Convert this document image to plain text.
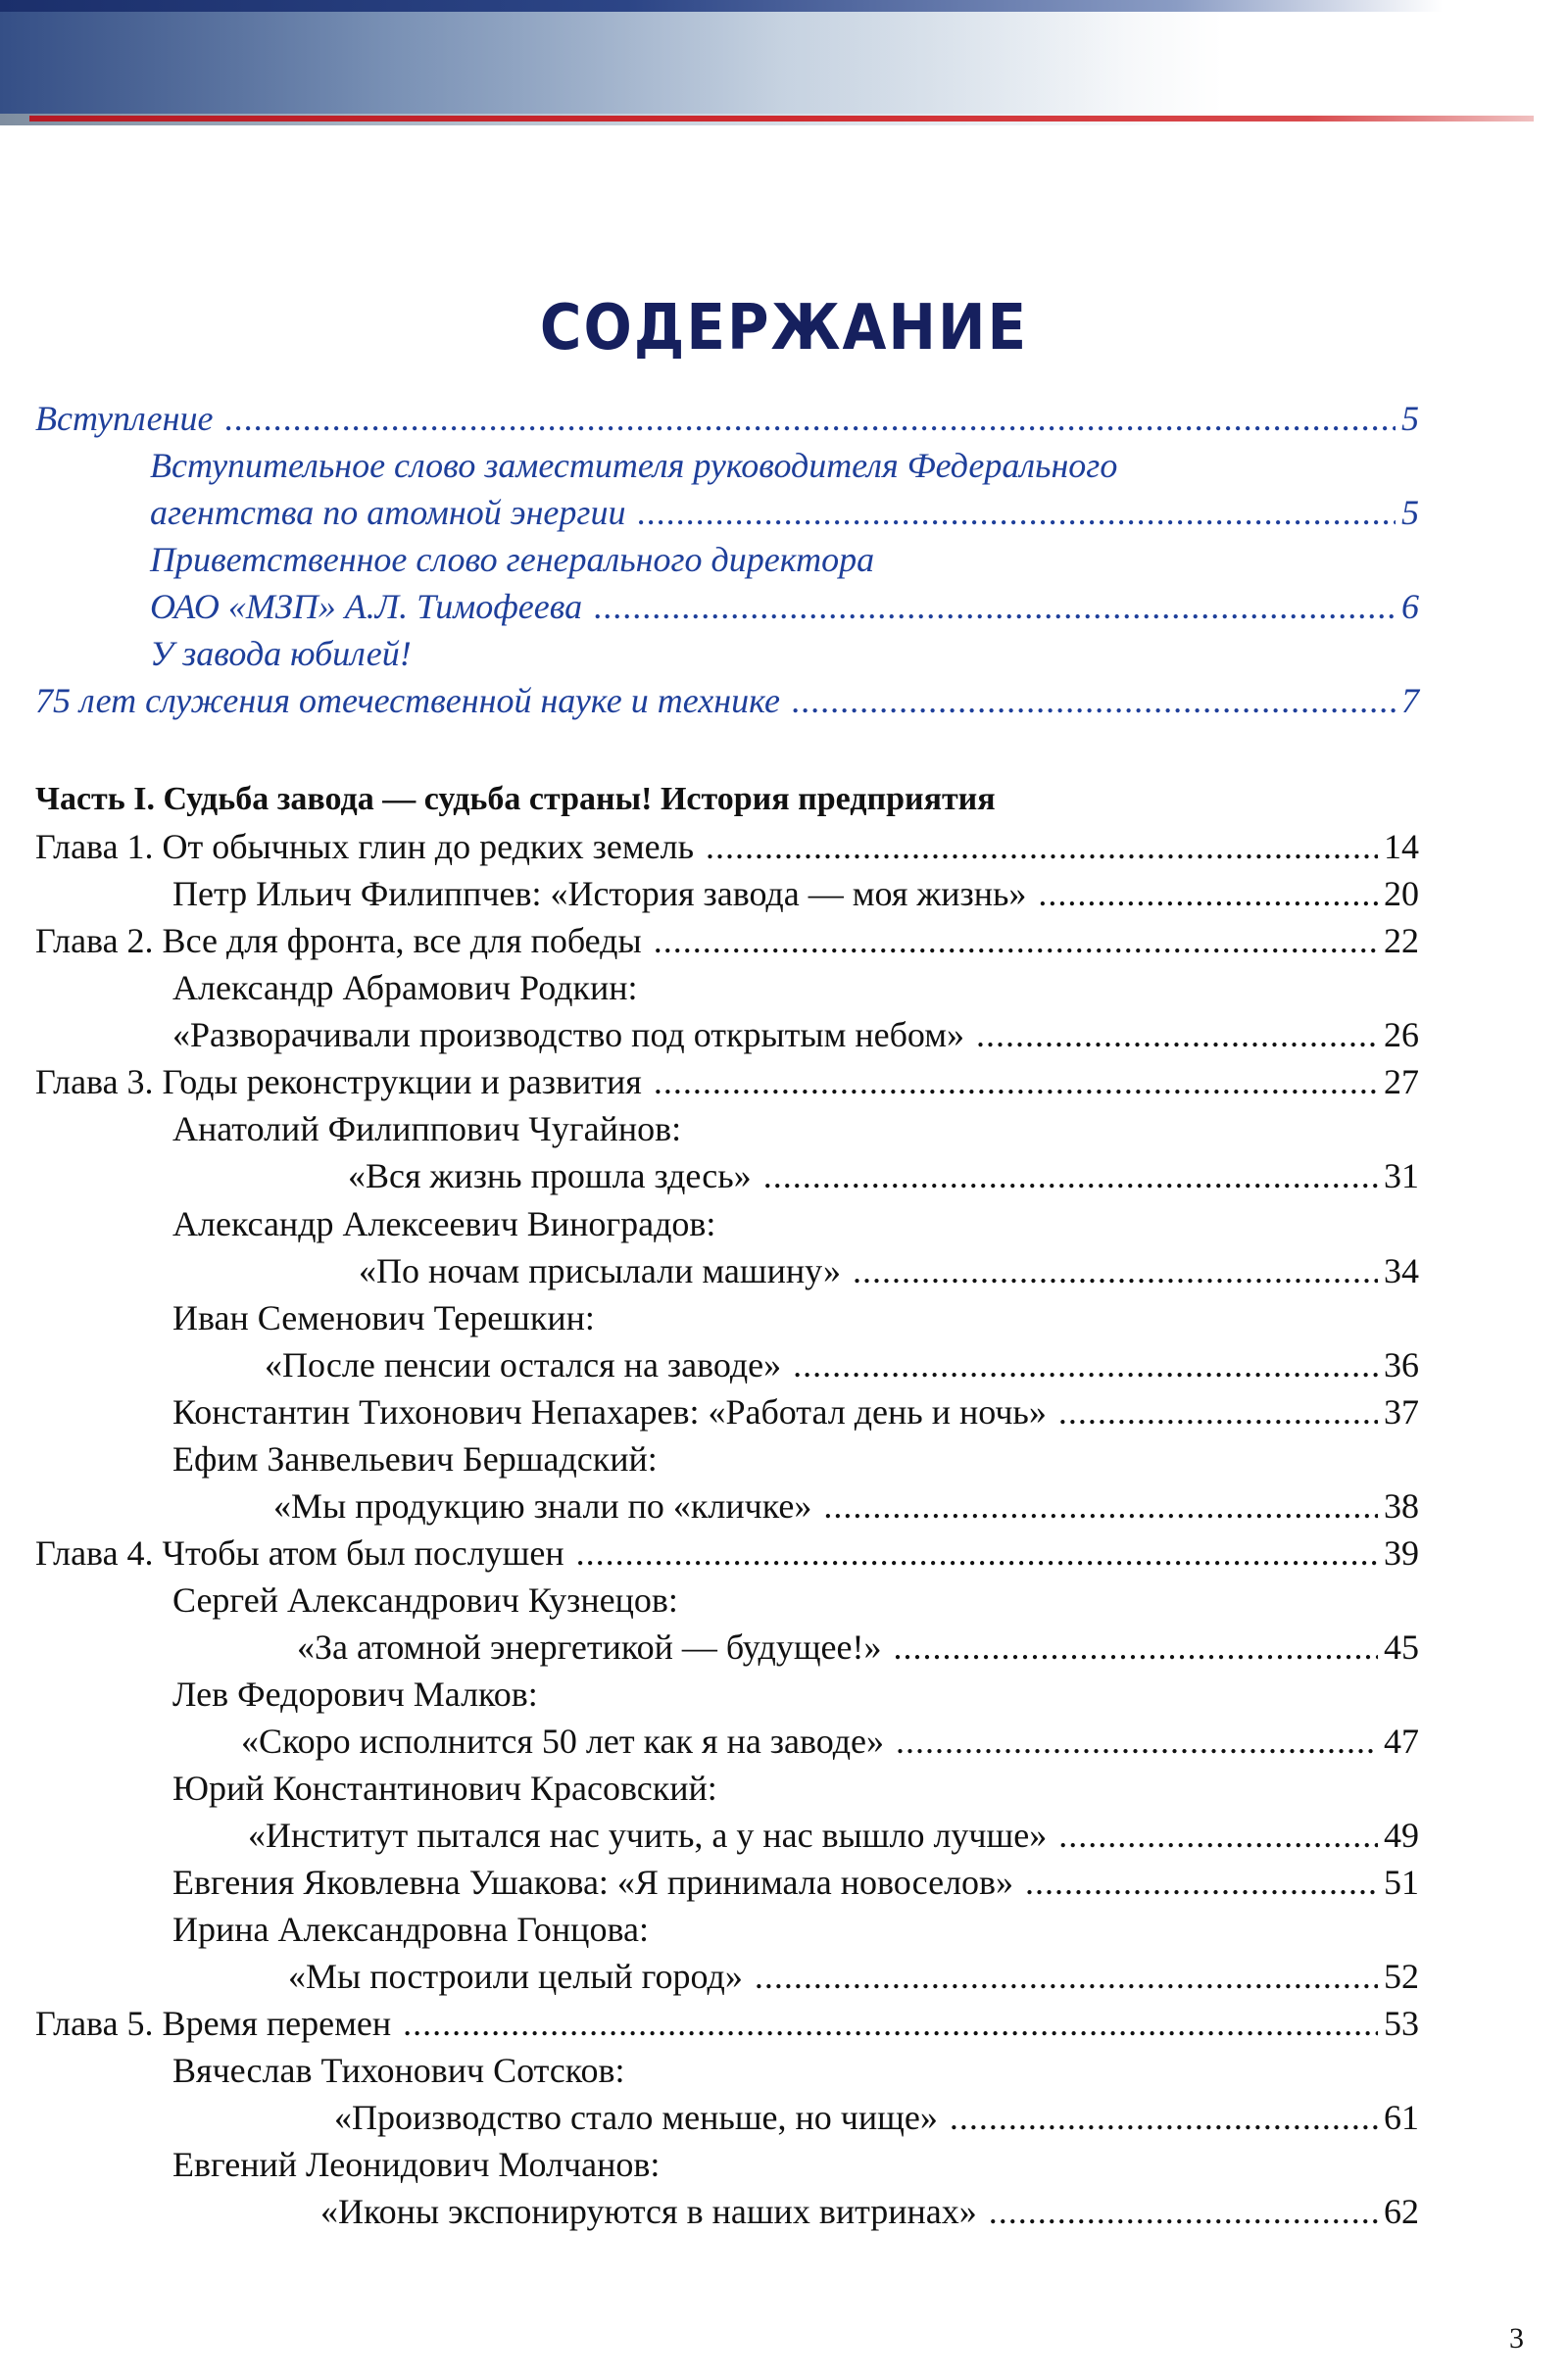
СОДЕРЖАНИЕ
Вступление .....	5
Вступительное слово заместителя руководителя Федерального
агентства по атомной энергии .....	5
Приветственное слово генерального директора
ОАО «МЗП» А.Л. Тимофеева .....	6
У завода юбилей!
75 лет служения отечественной науке и технике .....	7
Часть I. Судьба завода — судьба страны! История предприятия
Глава 1. От обычных глин до редких земель .....	14
Петр Ильич Филиппчев: «История завода — моя жизнь» .....	20
Глава 2. Все для фронта, все для победы .....	22
Александр Абрамович Родкин:
«Разворачивали производство под открытым небом» .....	26
Глава 3. Годы реконструкции и развития .....	27
Анатолий Филиппович Чугайнов:
«Вся жизнь прошла здесь» .....	31
Александр Алексеевич Виноградов:
«По ночам присылали машину» .....	34
Иван Семенович Терешкин:
«После пенсии остался на заводе» .....	36
Константин Тихонович Непахарев: «Работал день и ночь» .....	37
Ефим Занвельевич Бершадский:
«Мы продукцию знали по «кличке» .....	38
Глава 4. Чтобы атом был послушен .....	39
Сергей Александрович Кузнецов:
«За атомной энергетикой — будущее!» .....	45
Лев Федорович Малков:
«Скоро исполнится 50 лет как я на заводе» .....	47
Юрий Константинович Красовский:
«Институт пытался нас учить, а у нас вышло лучше» .....	49
Евгения Яковлевна Ушакова: «Я принимала новоселов» .....	51
Ирина Александровна Гонцова:
«Мы построили целый город» .....	52
Глава 5. Время перемен .....	53
Вячеслав Тихонович Сотсков:
«Производство стало меньше, но чище» .....	61
Евгений Леонидович Молчанов:
«Иконы экспонируются в наших витринах» .....	62
3
